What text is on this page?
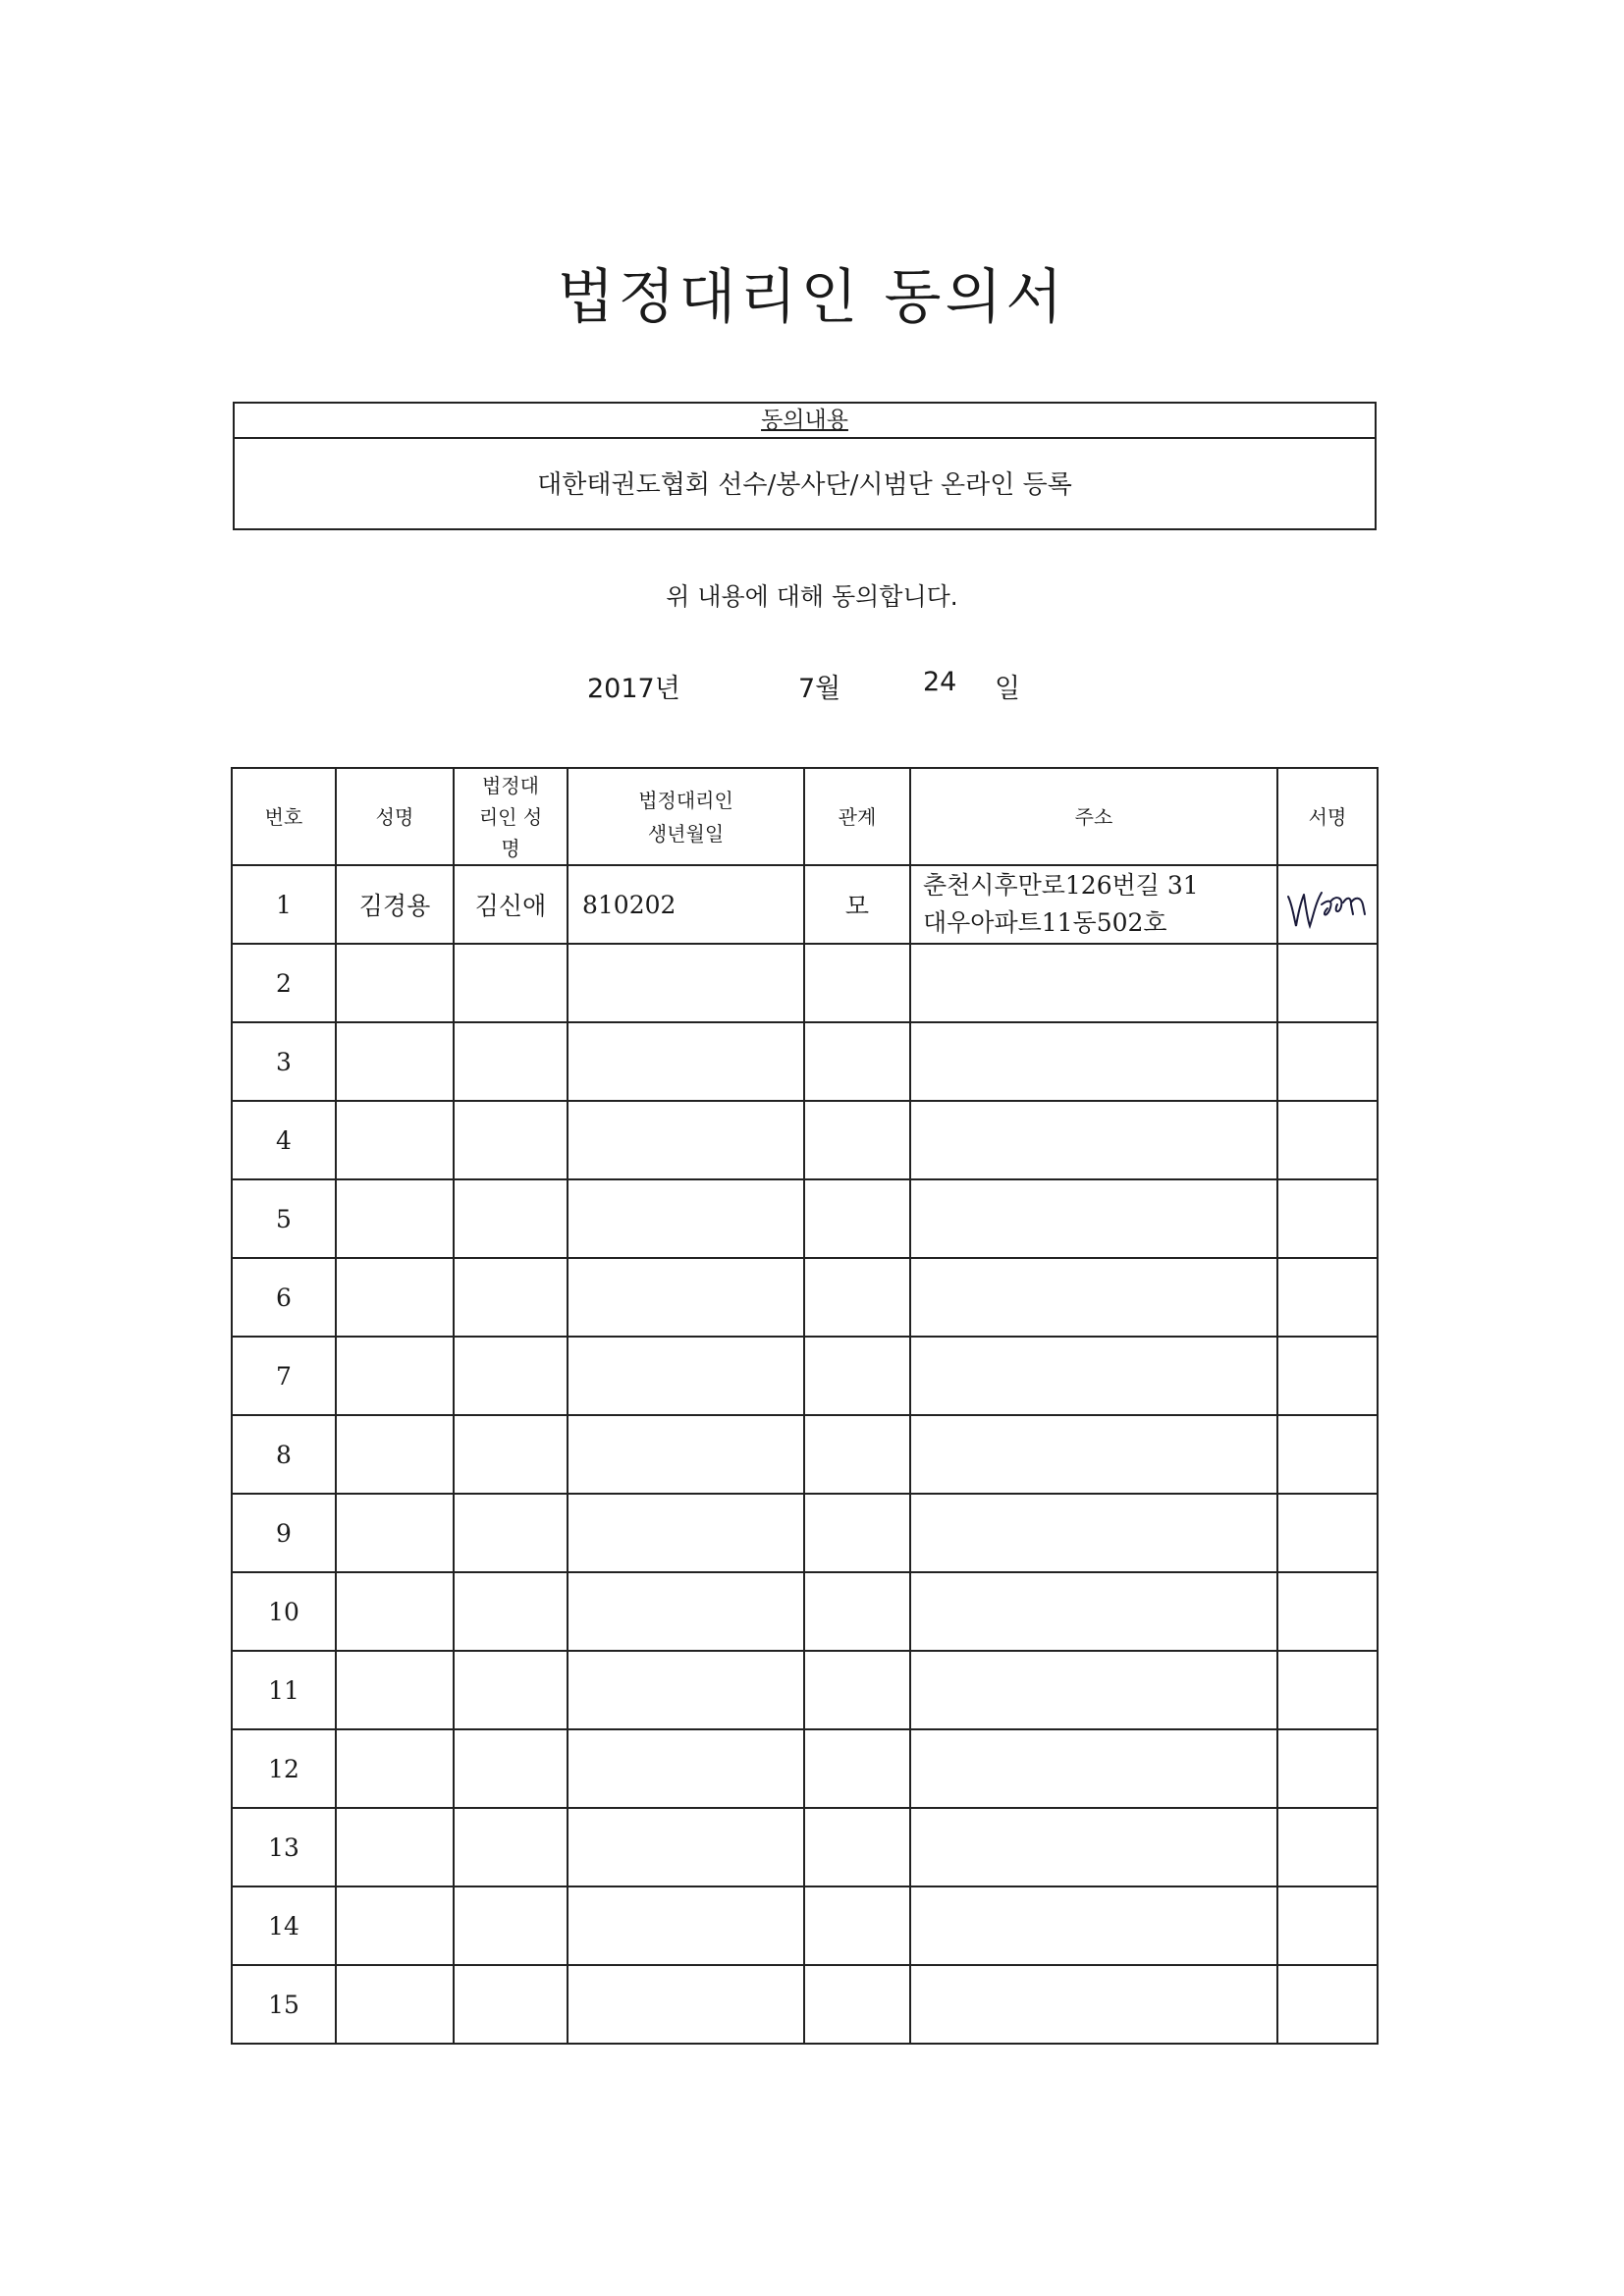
법정대리인 동의서
동의내용
대한태권도협회 선수/봉사단/시범단 온라인 등록
위 내용에 대해 동의합니다.
2017년	7월	24 일
번호	성명	법정대리인 성명	법정대리인 생년월일	관계	주소	서명
1	김경용	김신애	810202	모	춘천시후만로126번길 31
대우아파트11동502호

2						
3						
4						
5						
6						
7						
8						
9						
10						
11						
12						
13						
14						
15						
